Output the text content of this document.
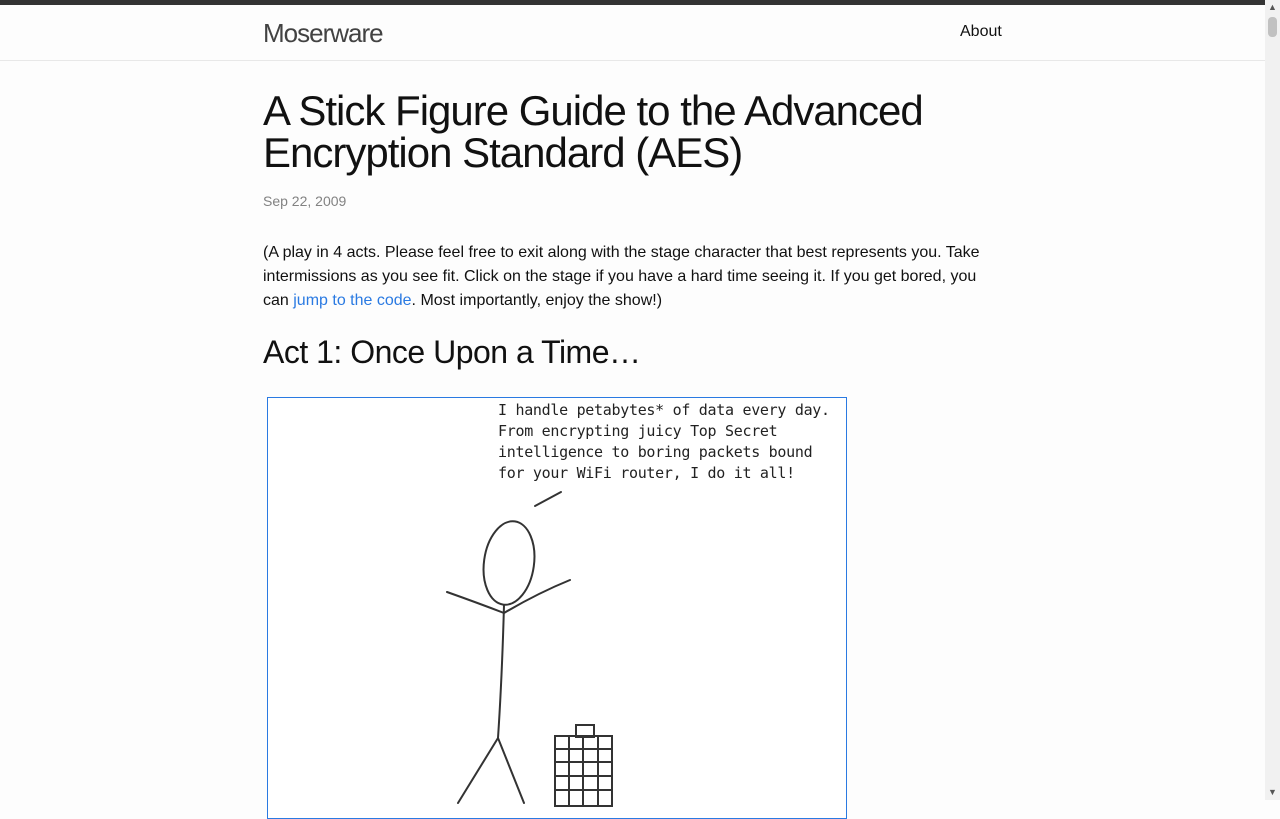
Moserware	About
A Stick Figure Guide to the Advanced Encryption Standard (AES)
Sep 22, 2009

(A play in 4 acts. Please feel free to exit along with the stage character that best represents you. Take intermissions as you see fit. Click on the stage if you have a hard time seeing it. If you get bored, you can jump to the code. Most importantly, enjoy the show!)

Act 1: Once Upon a Time…

I handle petabytes* of data every day. From encrypting juicy Top Secret intelligence to boring packets bound for your WiFi router, I do it all!

▲
▼
